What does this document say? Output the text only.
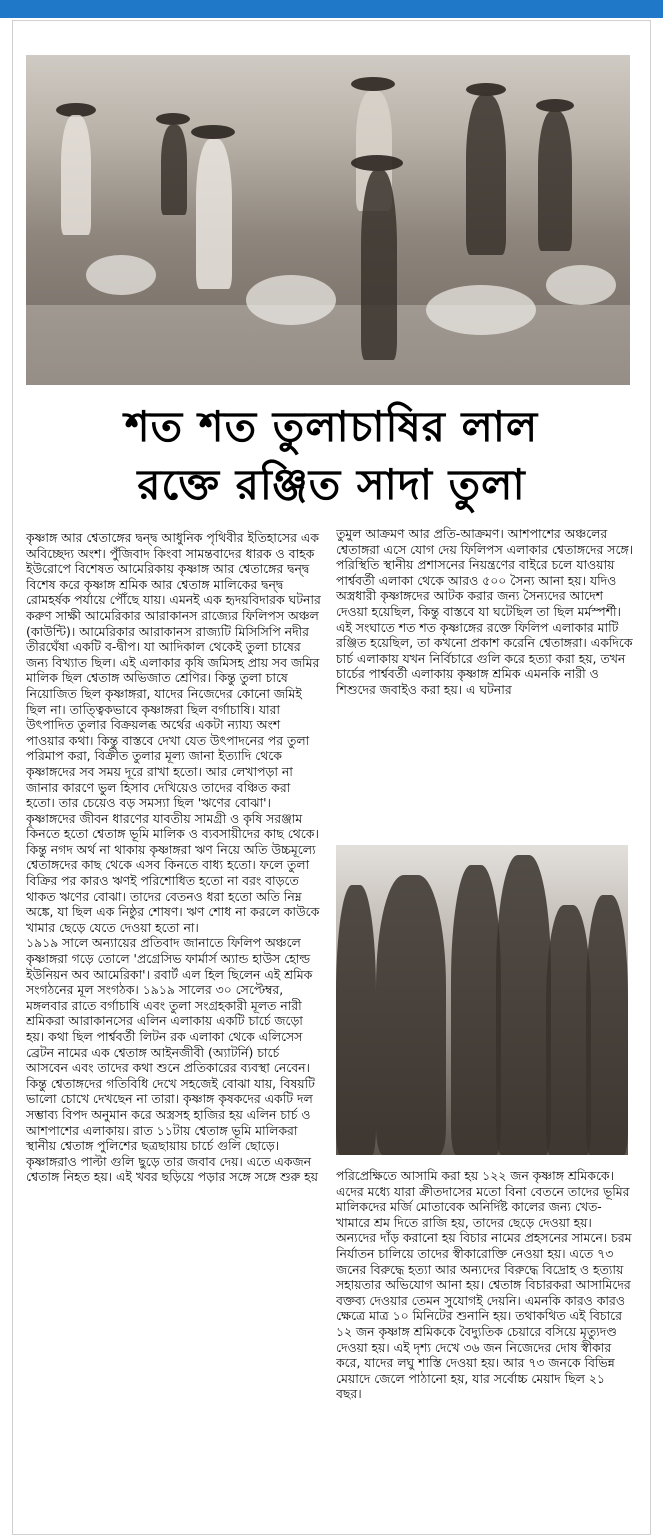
শত শত তুলাচাষির লাল
রক্তে রঞ্জিত সাদা তুলা

কৃষ্ণাঙ্গ আর শ্বেতাঙ্গের দ্বন্দ্ব আধুনিক পৃথিবীর ইতিহাসের এক অবিচ্ছেদ্য অংশ। পুঁজিবাদ কিংবা সামন্তবাদের ধারক ও বাহক ইউরোপে বিশেষত আমেরিকায় কৃষ্ণাঙ্গ আর শ্বেতাঙ্গের দ্বন্দ্ব বিশেষ করে কৃষ্ণাঙ্গ শ্রমিক আর শ্বেতাঙ্গ মালিকের দ্বন্দ্ব রোমহর্ষক পর্যায়ে পৌঁছে যায়। এমনই এক হৃদয়বিদারক ঘটনার করুণ সাক্ষী আমেরিকার আরাকানস রাজ্যের ফিলিপস অঞ্চল (কাউন্টি)। আমেরিকার আরাকানস রাজ্যটি মিসিসিপি নদীর তীরঘেঁষা একটি ব-দ্বীপ। যা আদিকাল থেকেই তুলা চাষের জন্য বিখ্যাত ছিল। এই এলাকার কৃষি জমিসহ প্রায় সব জমির মালিক ছিল শ্বেতাঙ্গ অভিজাত শ্রেণির। কিন্তু তুলা চাষে নিয়োজিত ছিল কৃষ্ণাঙ্গরা, যাদের নিজেদের কোনো জমিই ছিল না। তাত্ত্বিকভাবে কৃষ্ণাঙ্গরা ছিল বর্গাচাষি। যারা উৎপাদিত তুলার বিক্রয়লব্ধ অর্থের একটা ন্যায্য অংশ পাওয়ার কথা। কিন্তু বাস্তবে দেখা যেত উৎপাদনের পর তুলা পরিমাপ করা, বিক্রীত তুলার মূল্য জানা ইত্যাদি থেকে কৃষ্ণাঙ্গদের সব সময় দূরে রাখা হতো। আর লেখাপড়া না জানার কারণে ভুল হিসাব দেখিয়েও তাদের বঞ্চিত করা হতো। তার চেয়েও বড় সমস্যা ছিল 'ঋণের বোঝা'। কৃষ্ণাঙ্গদের জীবন ধারণের যাবতীয় সামগ্রী ও কৃষি সরঞ্জাম কিনতে হতো শ্বেতাঙ্গ ভূমি মালিক ও ব্যবসায়ীদের কাছ থেকে। কিন্তু নগদ অর্থ না থাকায় কৃষ্ণাঙ্গরা ঋণ নিয়ে অতি উচ্চমূল্যে শ্বেতাঙ্গদের কাছ থেকে এসব কিনতে বাধ্য হতো। ফলে তুলা বিক্রির পর কারও ঋণই পরিশোধিত হতো না বরং বাড়তে থাকত ঋণের বোঝা। তাদের বেতনও ধরা হতো অতি নিম্ন অঙ্কে, যা ছিল এক নিষ্ঠুর শোষণ। ঋণ শোধ না করলে কাউকে খামার ছেড়ে যেতে দেওয়া হতো না।
১৯১৯ সালে অন্যায়ের প্রতিবাদ জানাতে ফিলিপ অঞ্চলে কৃষ্ণাঙ্গরা গড়ে তোলে 'প্রগ্রেসিভ ফার্মার্স অ্যান্ড হাউস হোল্ড ইউনিয়ন অব আমেরিকা'। রবার্ট এল হিল ছিলেন এই শ্রমিক সংগঠনের মূল সংগঠক। ১৯১৯ সালের ৩০ সেপ্টেম্বর, মঙ্গলবার রাতে বর্গাচাষি এবং তুলা সংগ্রহকারী মূলত নারী শ্রমিকরা আরাকানসের এলিন এলাকায় একটি চার্চে জড়ো হয়। কথা ছিল পার্শ্ববর্তী লিটন রক এলাকা থেকে এলিসেস ব্রেটন নামের এক শ্বেতাঙ্গ আইনজীবী (অ্যাটর্নি) চার্চে আসবেন এবং তাদের কথা শুনে প্রতিকারের ব্যবস্থা নেবেন। কিন্তু শ্বেতাঙ্গদের গতিবিধি দেখে সহজেই বোঝা যায়, বিষয়টি ভালো চোখে দেখছেন না তারা। কৃষ্ণাঙ্গ কৃষকদের একটি দল সম্ভাব্য বিপদ অনুমান করে অস্ত্রসহ হাজির হয় এলিন চার্চ ও আশপাশের এলাকায়। রাত ১১টায় শ্বেতাঙ্গ ভূমি মালিকরা স্থানীয় শ্বেতাঙ্গ পুলিশের ছত্রছায়ায় চার্চে গুলি ছোড়ে। কৃষ্ণাঙ্গরাও পাল্টা গুলি ছুড়ে তার জবাব দেয়। এতে একজন শ্বেতাঙ্গ নিহত হয়। এই খবর ছড়িয়ে পড়ার সঙ্গে সঙ্গে শুরু হয়

তুমুল আক্রমণ আর প্রতি-আক্রমণ। আশপাশের অঞ্চলের শ্বেতাঙ্গরা এসে যোগ দেয় ফিলিপস এলাকার শ্বেতাঙ্গদের সঙ্গে। পরিস্থিতি স্থানীয় প্রশাসনের নিয়ন্ত্রণের বাইরে চলে যাওয়ায় পার্শ্ববর্তী এলাকা থেকে আরও ৫০০ সৈন্য আনা হয়। যদিও অস্ত্রধারী কৃষ্ণাঙ্গদের আটক করার জন্য সৈন্যদের আদেশ দেওয়া হয়েছিল, কিন্তু বাস্তবে যা ঘটেছিল তা ছিল মর্মস্পর্শী। এই সংঘাতে শত শত কৃষ্ণাঙ্গের রক্তে ফিলিপ এলাকার মাটি রঞ্জিত হয়েছিল, তা কখনো প্রকাশ করেনি শ্বেতাঙ্গরা। একদিকে চার্চ এলাকায় যখন নির্বিচারে গুলি করে হত্যা করা হয়, তখন চার্চের পার্শ্ববর্তী এলাকায় কৃষ্ণাঙ্গ শ্রমিক এমনকি নারী ও শিশুদের জবাইও করা হয়। এ ঘটনার

পরিপ্রেক্ষিতে আসামি করা হয় ১২২ জন কৃষ্ণাঙ্গ শ্রমিককে। এদের মধ্যে যারা ক্রীতদাসের মতো বিনা বেতনে তাদের ভূমির মালিকদের মর্জি মোতাবেক অনির্দিষ্ট কালের জন্য খেত-খামারে শ্রম দিতে রাজি হয়, তাদের ছেড়ে দেওয়া হয়। অন্যদের দাঁড় করানো হয় বিচার নামের প্রহসনের সামনে। চরম নির্যাতন চালিয়ে তাদের স্বীকারোক্তি নেওয়া হয়। এতে ৭৩ জনের বিরুদ্ধে হত্যা আর অন্যদের বিরুদ্ধে বিদ্রোহ ও হত্যায় সহায়তার অভিযোগ আনা হয়। শ্বেতাঙ্গ বিচারকরা আসামিদের বক্তব্য দেওয়ার তেমন সুযোগই দেয়নি। এমনকি কারও কারও ক্ষেত্রে মাত্র ১০ মিনিটের শুনানি হয়। তথাকথিত এই বিচারে ১২ জন কৃষ্ণাঙ্গ শ্রমিককে বৈদ্যুতিক চেয়ারে বসিয়ে মৃত্যুদণ্ড দেওয়া হয়। এই দৃশ্য দেখে ৩৬ জন নিজেদের দোষ স্বীকার করে, যাদের লঘু শাস্তি দেওয়া হয়। আর ৭৩ জনকে বিভিন্ন মেয়াদে জেলে পাঠানো হয়, যার সর্বোচ্চ মেয়াদ ছিল ২১ বছর।
